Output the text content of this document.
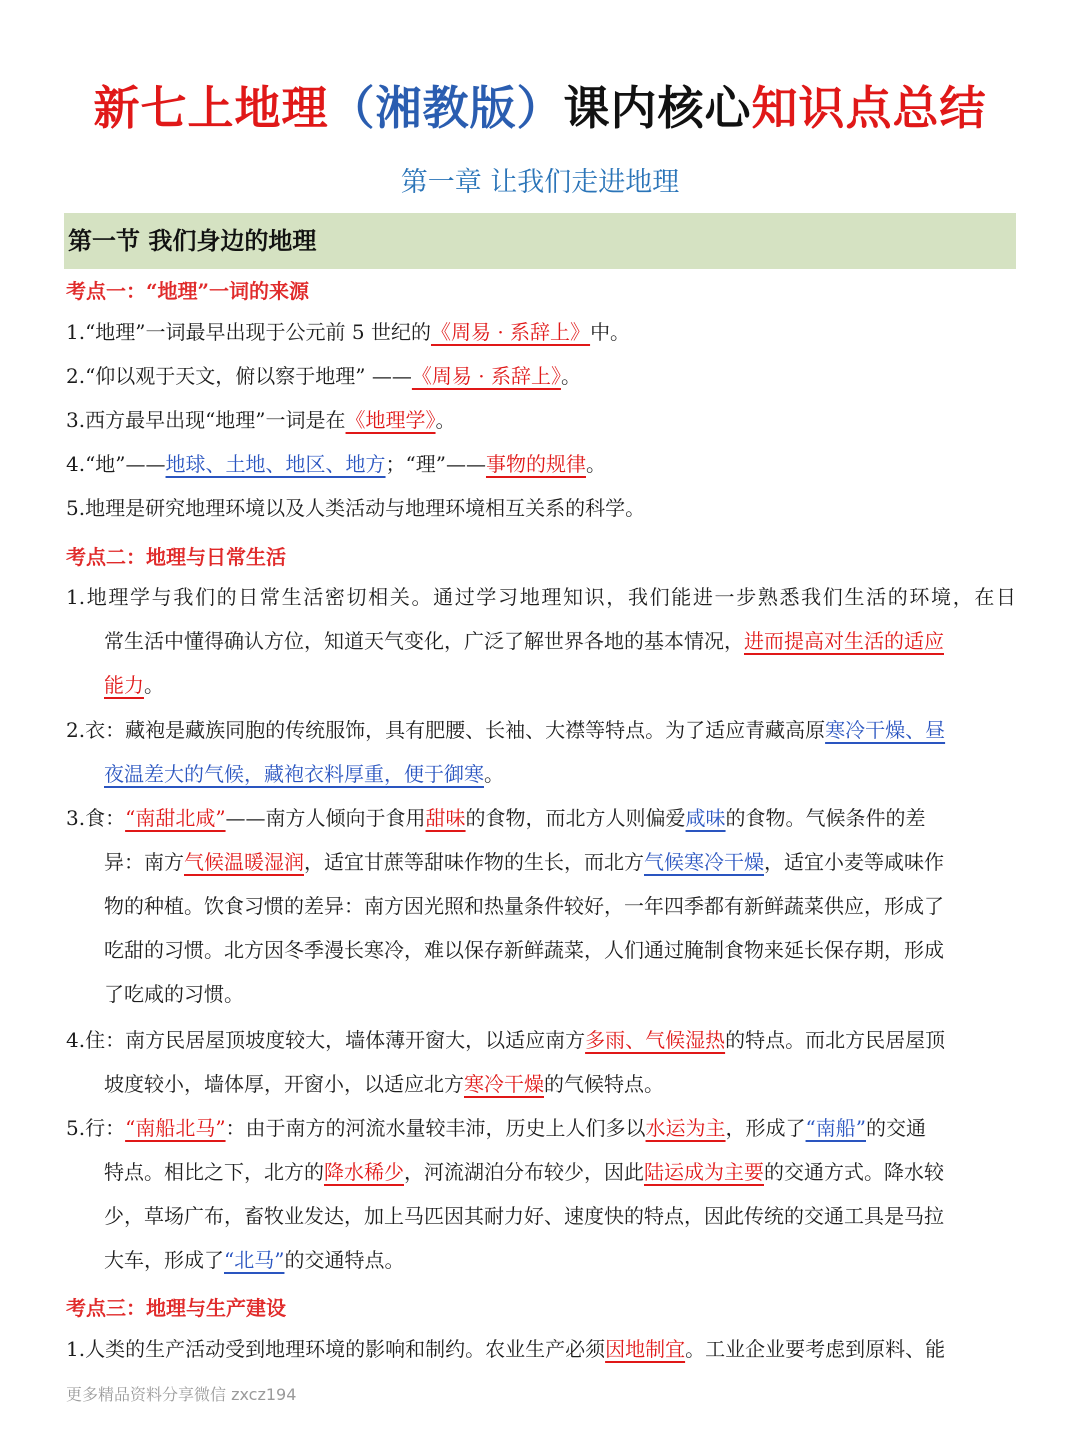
新七上地理（湘教版）课内核心知识点总结
第一章 让我们走进地理
第一节 我们身边的地理
考点一：“地理”一词的来源
1.“地理”一词最早出现于公元前 5 世纪的《周易 · 系辞上》中。
2.“仰以观于天文，俯以察于地理” ——《周易 · 系辞上》。
3.西方最早出现“地理”一词是在《地理学》。
4.“地”——地球、土地、地区、地方；“理”——事物的规律。
5.地理是研究地理环境以及人类活动与地理环境相互关系的科学。
考点二：地理与日常生活
1.地理学与我们的日常生活密切相关。通过学习地理知识，我们能进一步熟悉我们生活的环境，在日
常生活中懂得确认方位，知道天气变化，广泛了解世界各地的基本情况，进而提高对生活的适应
能力。
2.衣：藏袍是藏族同胞的传统服饰，具有肥腰、长袖、大襟等特点。为了适应青藏高原寒冷干燥、昼
夜温差大的气候，藏袍衣料厚重，便于御寒。
3.食：“南甜北咸”——南方人倾向于食用甜味的食物，而北方人则偏爱咸味的食物。气候条件的差
异：南方气候温暖湿润，适宜甘蔗等甜味作物的生长，而北方气候寒冷干燥，适宜小麦等咸味作
物的种植。饮食习惯的差异：南方因光照和热量条件较好，一年四季都有新鲜蔬菜供应，形成了
吃甜的习惯。北方因冬季漫长寒冷，难以保存新鲜蔬菜，人们通过腌制食物来延长保存期，形成
了吃咸的习惯。
4.住：南方民居屋顶坡度较大，墙体薄开窗大，以适应南方多雨、气候湿热的特点。而北方民居屋顶
坡度较小，墙体厚，开窗小，以适应北方寒冷干燥的气候特点。
5.行：“南船北马”：由于南方的河流水量较丰沛，历史上人们多以水运为主，形成了“南船”的交通
特点。相比之下，北方的降水稀少，河流湖泊分布较少，因此陆运成为主要的交通方式。降水较
少，草场广布，畜牧业发达，加上马匹因其耐力好、速度快的特点，因此传统的交通工具是马拉
大车，形成了“北马”的交通特点。
考点三：地理与生产建设
1.人类的生产活动受到地理环境的影响和制约。农业生产必须因地制宜。工业企业要考虑到原料、能
更多精品资料分享微信 zxcz194
